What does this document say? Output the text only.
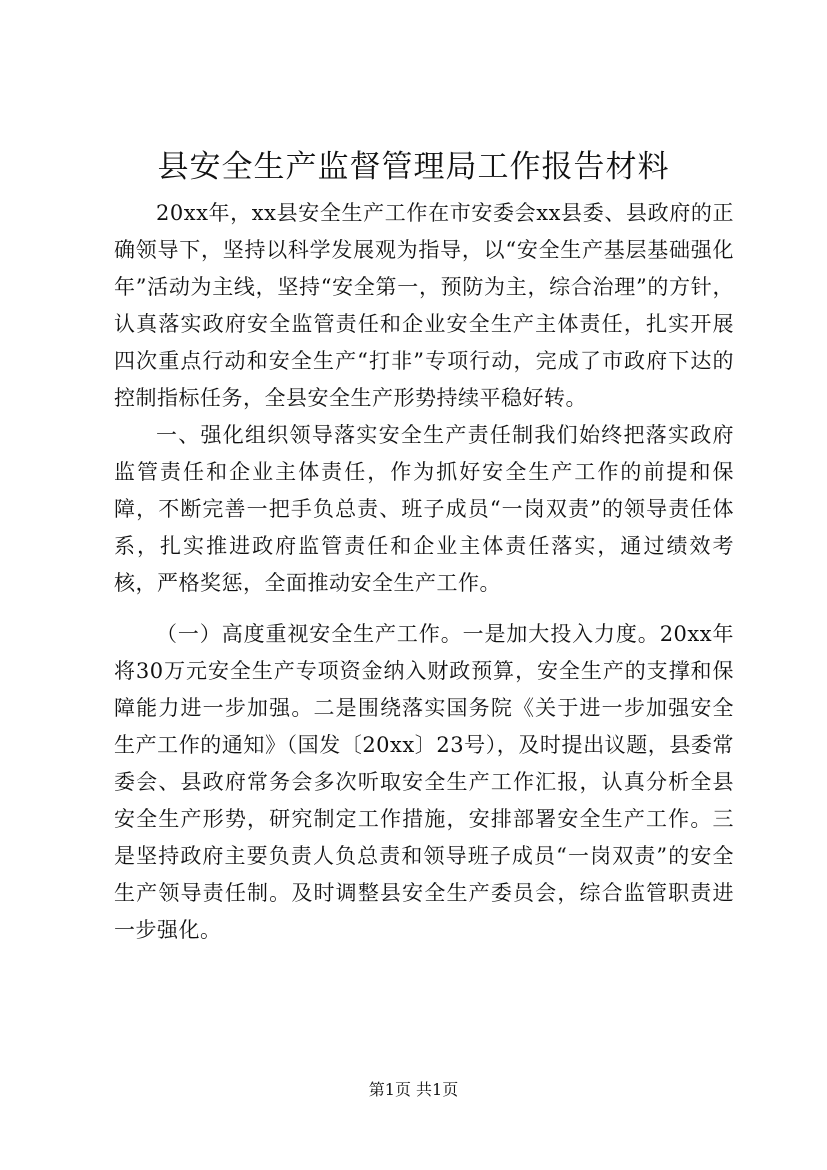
县安全生产监督管理局工作报告材料

20xx年，xx县安全生产工作在市安委会xx县委、县政府的正确领导下，坚持以科学发展观为指导，以“安全生产基层基础强化年”活动为主线，坚持“安全第一，预防为主，综合治理”的方针，认真落实政府安全监管责任和企业安全生产主体责任，扎实开展四次重点行动和安全生产“打非”专项行动，完成了市政府下达的控制指标任务，全县安全生产形势持续平稳好转。

一、强化组织领导落实安全生产责任制我们始终把落实政府监管责任和企业主体责任，作为抓好安全生产工作的前提和保障，不断完善一把手负总责、班子成员“一岗双责”的领导责任体系，扎实推进政府监管责任和企业主体责任落实，通过绩效考核，严格奖惩，全面推动安全生产工作。

（一）高度重视安全生产工作。一是加大投入力度。20xx年将30万元安全生产专项资金纳入财政预算，安全生产的支撑和保障能力进一步加强。二是围绕落实国务院《关于进一步加强安全生产工作的通知》（国发〔20xx〕23号），及时提出议题，县委常委会、县政府常务会多次听取安全生产工作汇报，认真分析全县安全生产形势，研究制定工作措施，安排部署安全生产工作。三是坚持政府主要负责人负总责和领导班子成员“一岗双责”的安全生产领导责任制。及时调整县安全生产委员会，综合监管职责进一步强化。

第1页 共1页
